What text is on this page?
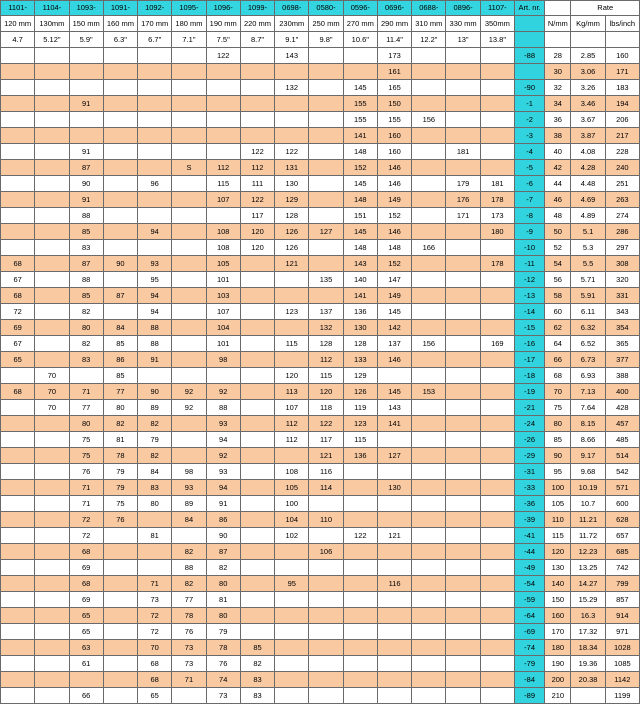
1101-	1104-	1093-	1091-	1092-	1095-	1096-	1099-	0698-	0580-	0596-	0696-	0688-	0896-	1107-	Art. nr.		Rate	
120 mm	130mm	150 mm	160 mm	170 mm	180 mm	190 mm	220 mm	230mm	250 mm	270 mm	290 mm	310 mm	330 mm	350mm		N/mm	Kg/mm	lbs/inch
4.7	5.12"	5.9"	6.3"	6.7"	7.1"	7.5"	8.7"	9.1"	9.8"	10.6"	11.4"	12.2"	13"	13.8"				
						122		143			173				-88	28	2.85	160
											161					30	3.06	171
								132		145	165				-90	32	3.26	183
		91								155	150				-1	34	3.46	194
										155	155	156			-2	36	3.67	206
										141	160				-3	38	3.87	217
		91					122	122		148	160		181		-4	40	4.08	228
		87			S	112	112	131		152	146				-5	42	4.28	240
		90		96		115	111	130		145	146		179	181	-6	44	4.48	251
		91				107	122	129		148	149		176	178	-7	46	4.69	263
		88					117	128		151	152		171	173	-8	48	4.89	274
		85		94		108	120	126	127	145	146			180	-9	50	5.1	286
		83				108	120	126		148	148	166			-10	52	5.3	297
68		87	90	93		105		121		143	152			178	-11	54	5.5	308
67		88		95		101			135	140	147				-12	56	5.71	320
68		85	87	94		103				141	149				-13	58	5.91	331
72		82		94		107		123	137	136	145				-14	60	6.11	343
69		80	84	88		104			132	130	142				-15	62	6.32	354
67		82	85	88		101		115	128	128	137	156		169	-16	64	6.52	365
65		83	86	91		98			112	133	146				-17	66	6.73	377
	70		85					120	115	129					-18	68	6.93	388
68	70	71	77	90	92	92		113	120	126	145	153			-19	70	7.13	400
	70	77	80	89	92	88		107	118	119	143				-21	75	7.64	428
		80	82	82		93		112	122	123	141				-24	80	8.15	457
		75	81	79		94		112	117	115					-26	85	8.66	485
		75	78	82		92			121	136	127				-29	90	9.17	514
		76	79	84	98	93		108	116						-31	95	9.68	542
		71	79	83	93	94		105	114		130				-33	100	10.19	571
		71	75	80	89	91		100							-36	105	10.7	600
		72	76		84	86		104	110						-39	110	11.21	628
		72		81		90		102		122	121				-41	115	11.72	657
		68			82	87			106						-44	120	12.23	685
		69			88	82									-49	130	13.25	742
		68		71	82	80		95			116				-54	140	14.27	799
		69		73	77	81									-59	150	15.29	857
		65		72	78	80									-64	160	16.3	914
		65		72	76	79									-69	170	17.32	971
		63		70	73	78	85								-74	180	18.34	1028
		61		68	73	76	82								-79	190	19.36	1085
				68	71	74	83								-84	200	20.38	1142
		66		65		73	83								-89	210		1199
